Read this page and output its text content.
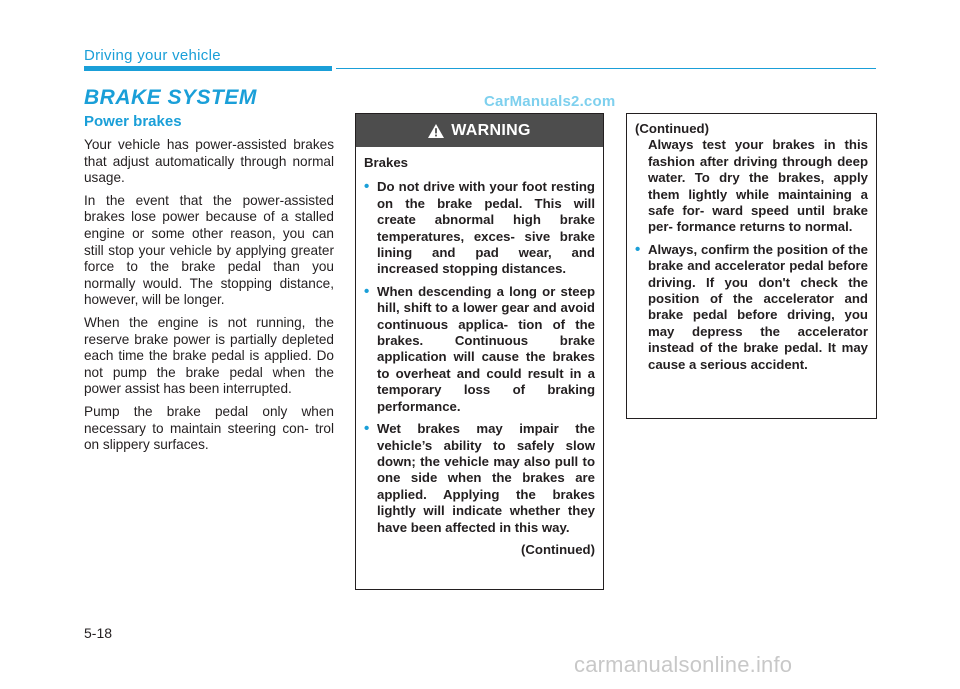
Driving your vehicle
BRAKE SYSTEM	CarManuals2.com
Power brakes

Your vehicle has power-assisted brakes that adjust automatically through normal usage.

In the event that the power-assisted brakes lose power because of a stalled engine or some other reason, you can still stop your vehicle by applying greater force to the brake pedal than you normally would. The stopping distance, however, will be longer.

When the engine is not running, the reserve brake power is partially depleted each time the brake pedal is applied. Do not pump the brake pedal when the power assist has been interrupted.

Pump the brake pedal only when necessary to maintain steering con- trol on slippery surfaces.

WARNING
Brakes
• Do not drive with your foot resting on the brake pedal. This will create abnormal high brake temperatures, exces- sive brake lining and pad wear, and increased stopping distances.
• When descending a long or steep hill, shift to a lower gear and avoid continuous applica- tion of the brakes. Continuous brake application will cause the brakes to overheat and could result in a temporary loss of braking performance.
• Wet brakes may impair the vehicle’s ability to safely slow down; the vehicle may also pull to one side when the brakes are applied. Applying the brakes lightly will indicate whether they have been affected in this way.
(Continued)
(Continued)
Always test your brakes in this fashion after driving through deep water. To dry the brakes, apply them lightly while maintaining a safe for- ward speed until brake per- formance returns to normal.
• Always, confirm the position of the brake and accelerator pedal before driving. If you don't check the position of the accelerator and brake pedal before driving, you may depress the accelerator instead of the brake pedal. It may cause a serious accident.
5-18
carmanualsonline.info
